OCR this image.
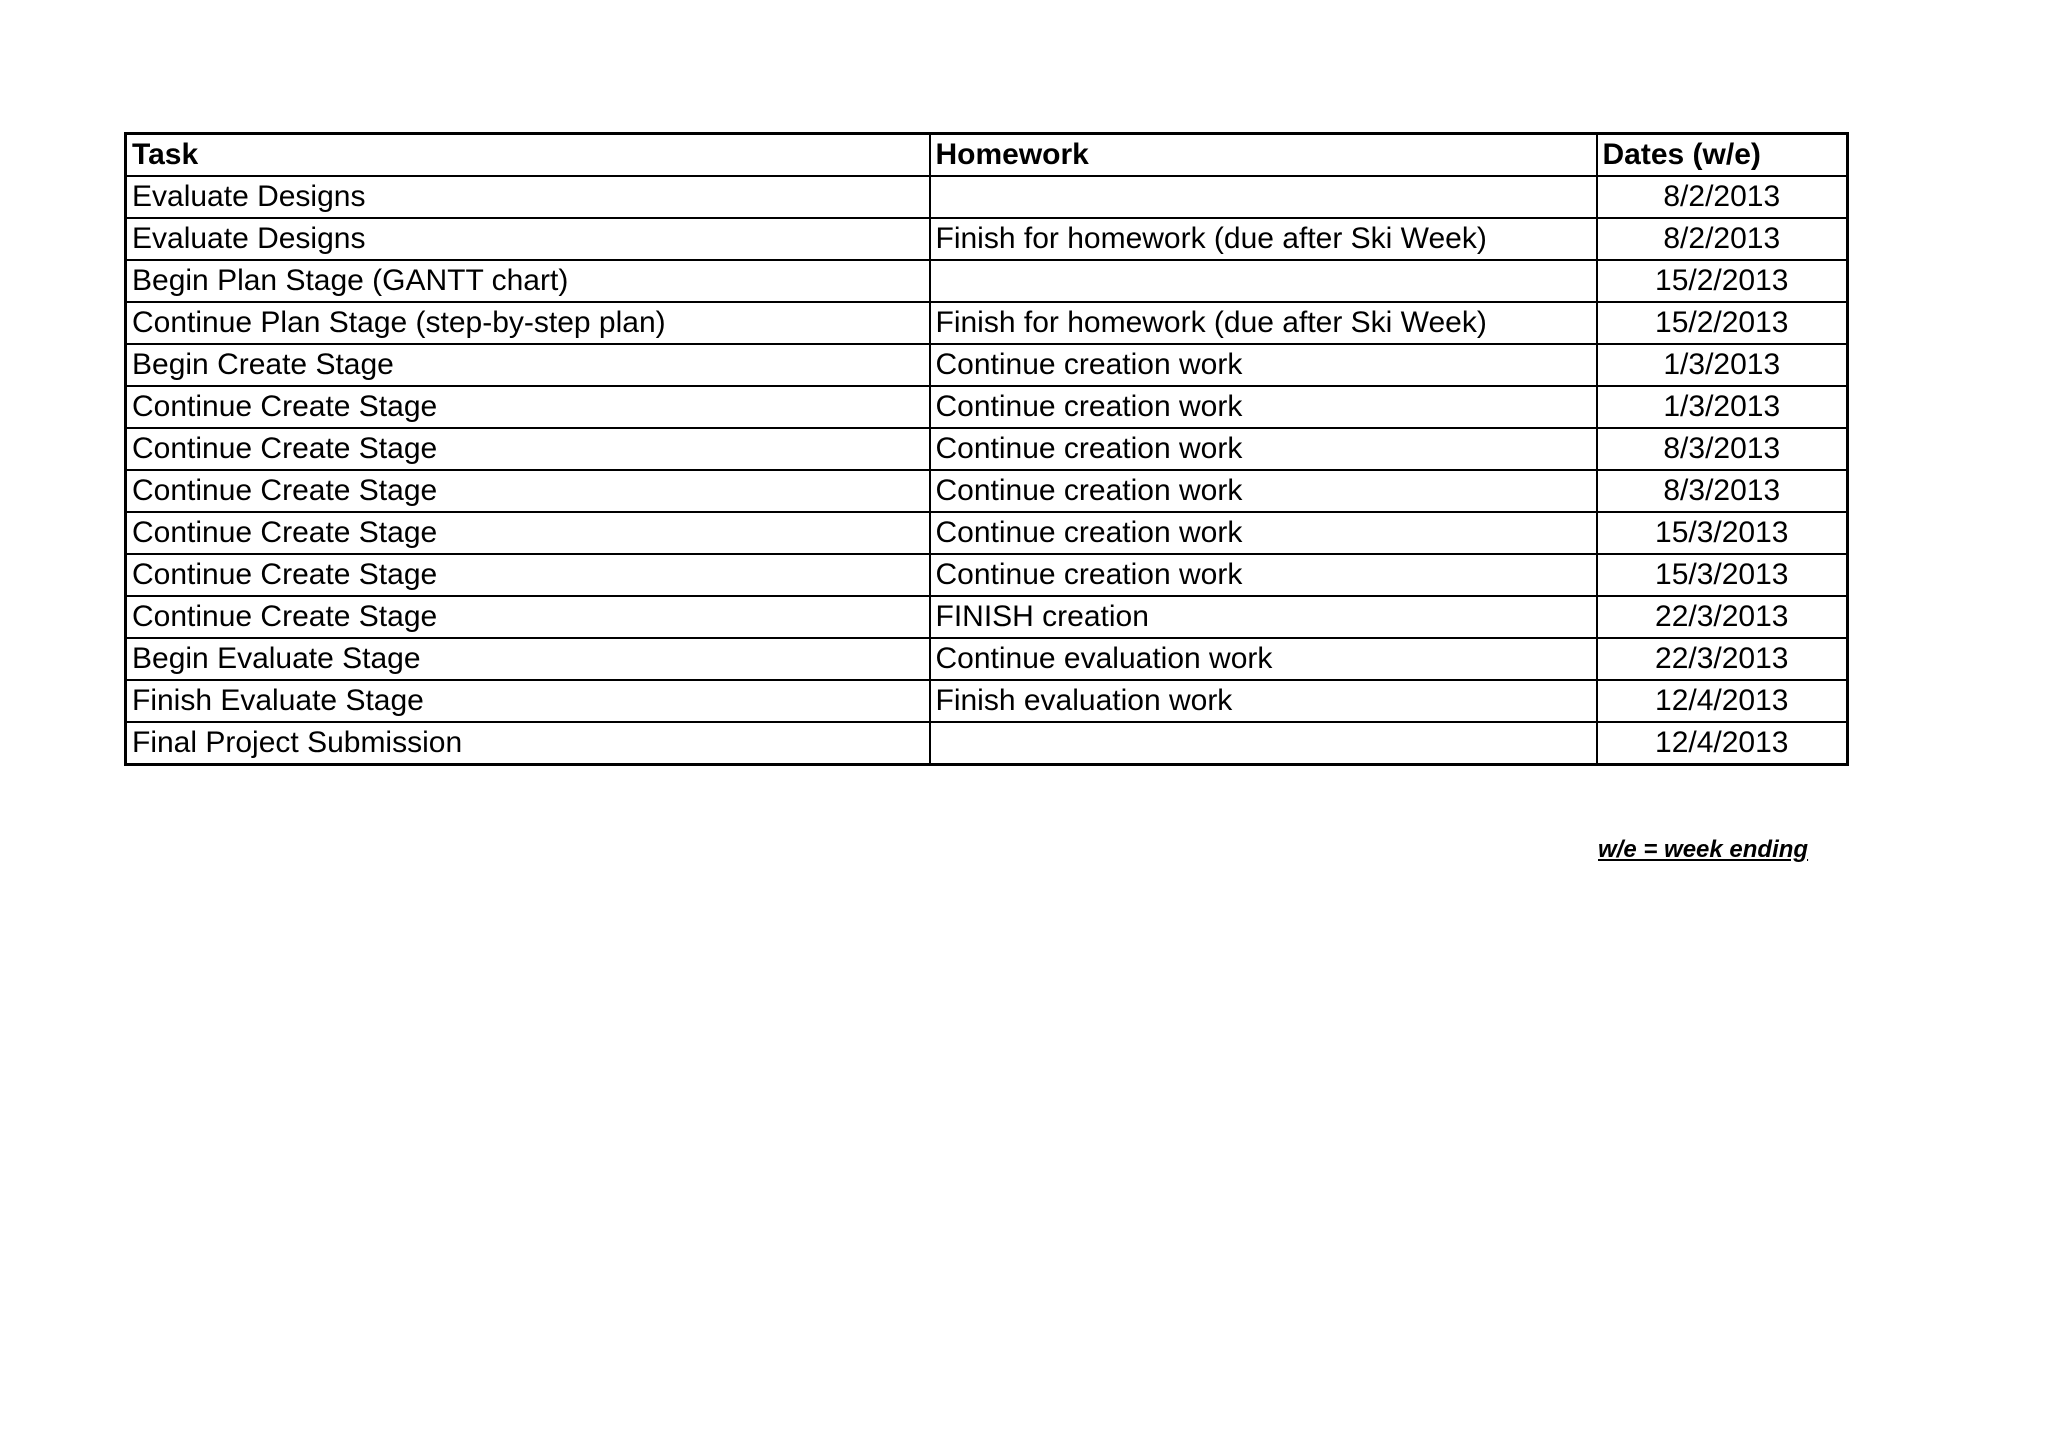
Task	Homework	Dates (w/e)
Evaluate Designs		8/2/2013
Evaluate Designs	Finish for homework (due after Ski Week)	8/2/2013
Begin Plan Stage (GANTT chart)		15/2/2013
Continue Plan Stage (step-by-step plan)	Finish for homework (due after Ski Week)	15/2/2013
Begin Create Stage	Continue creation work	1/3/2013
Continue Create Stage	Continue creation work	1/3/2013
Continue Create Stage	Continue creation work	8/3/2013
Continue Create Stage	Continue creation work	8/3/2013
Continue Create Stage	Continue creation work	15/3/2013
Continue Create Stage	Continue creation work	15/3/2013
Continue Create Stage	FINISH creation	22/3/2013
Begin Evaluate Stage	Continue evaluation work	22/3/2013
Finish Evaluate Stage	Finish evaluation work	12/4/2013
Final Project Submission		12/4/2013
w/e = week ending
